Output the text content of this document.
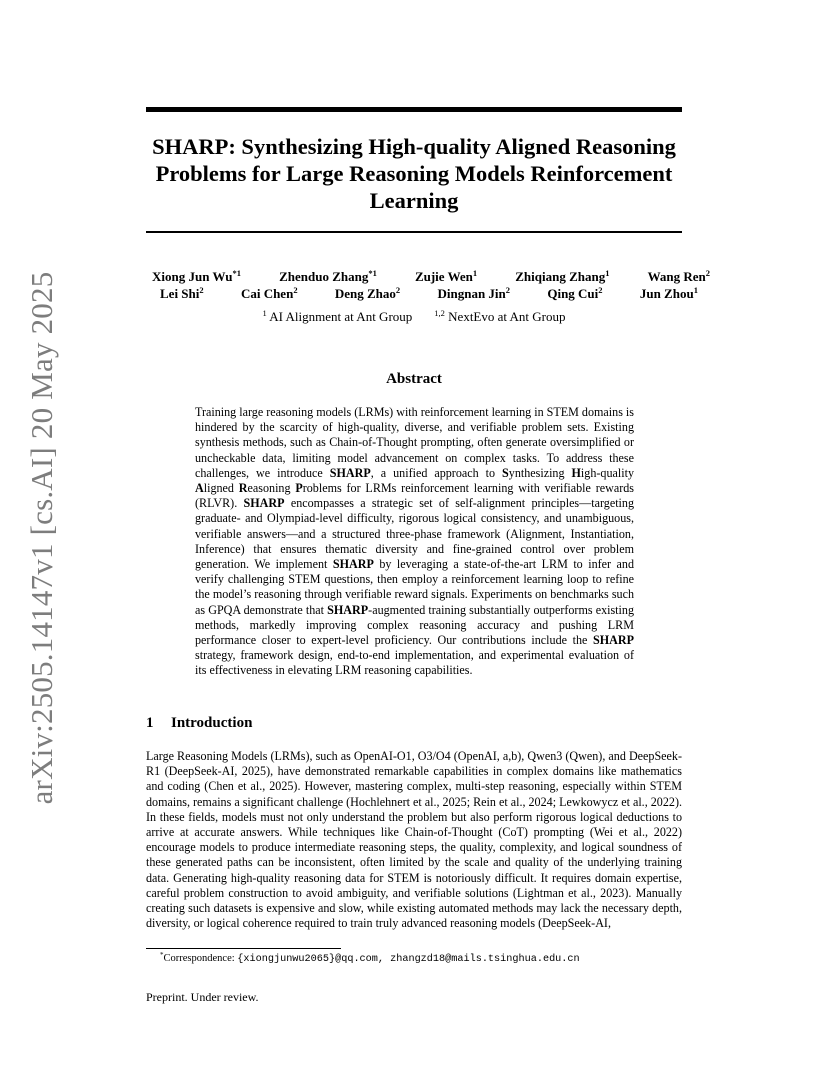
arXiv:2505.14147v1 [cs.AI] 20 May 2025
SHARP: Synthesizing High-quality Aligned Reasoning
Problems for Large Reasoning Models Reinforcement
Learning
Xiong Jun Wu$^{*1}$	Zhenduo Zhang$^{*1}$	Zujie Wen$^1$	Zhiqiang Zhang$^1$	Wang Ren$^2$
Lei Shi$^2$	Cai Chen$^2$	Deng Zhao$^2$	Dingnan Jin$^2$	Qing Cui$^2$	Jun Zhou$^1$
$^1$ AI Alignment at Ant Group	$^{1,2}$ NextEvo at Ant Group
Abstract
Training large reasoning models (LRMs) with reinforcement learning in STEM domains is hindered by the scarcity of high-quality, diverse, and verifiable problem sets. Existing synthesis methods, such as Chain-of-Thought prompting, often generate oversimplified or uncheckable data, limiting model advancement on complex tasks. To address these challenges, we introduce SHARP, a unified approach to Synthesizing High-quality Aligned Reasoning Problems for LRMs reinforcement learning with verifiable rewards (RLVR). SHARP encompasses a strategic set of self-alignment principles—targeting graduate- and Olympiad-level difficulty, rigorous logical consistency, and unambiguous, verifiable answers—and a structured three-phase framework (Alignment, Instantiation, Inference) that ensures thematic diversity and fine-grained control over problem generation. We implement SHARP by leveraging a state-of-the-art LRM to infer and verify challenging STEM questions, then employ a reinforcement learning loop to refine the model’s reasoning through verifiable reward signals. Experiments on benchmarks such as GPQA demonstrate that SHARP-augmented training substantially outperforms existing methods, markedly improving complex reasoning accuracy and pushing LRM performance closer to expert-level proficiency. Our contributions include the SHARP strategy, framework design, end-to-end implementation, and experimental evaluation of its effectiveness in elevating LRM reasoning capabilities.
1 Introduction
Large Reasoning Models (LRMs), such as OpenAI-O1, O3/O4 (OpenAI, a,b), Qwen3 (Qwen), and DeepSeek-R1 (DeepSeek-AI, 2025), have demonstrated remarkable capabilities in complex domains like mathematics and coding (Chen et al., 2025). However, mastering complex, multi-step reasoning, especially within STEM domains, remains a significant challenge (Hochlehnert et al., 2025; Rein et al., 2024; Lewkowycz et al., 2022). In these fields, models must not only understand the problem but also perform rigorous logical deductions to arrive at accurate answers. While techniques like Chain-of-Thought (CoT) prompting (Wei et al., 2022) encourage models to produce intermediate reasoning steps, the quality, complexity, and logical soundness of these generated paths can be inconsistent, often limited by the scale and quality of the underlying training data. Generating high-quality reasoning data for STEM is notoriously difficult. It requires domain expertise, careful problem construction to avoid ambiguity, and verifiable solutions (Lightman et al., 2023). Manually creating such datasets is expensive and slow, while existing automated methods may lack the necessary depth, diversity, or logical coherence required to train truly advanced reasoning models (DeepSeek-AI,
*Correspondence: {xiongjunwu2065}@qq.com, zhangzd18@mails.tsinghua.edu.cn
Preprint. Under review.
